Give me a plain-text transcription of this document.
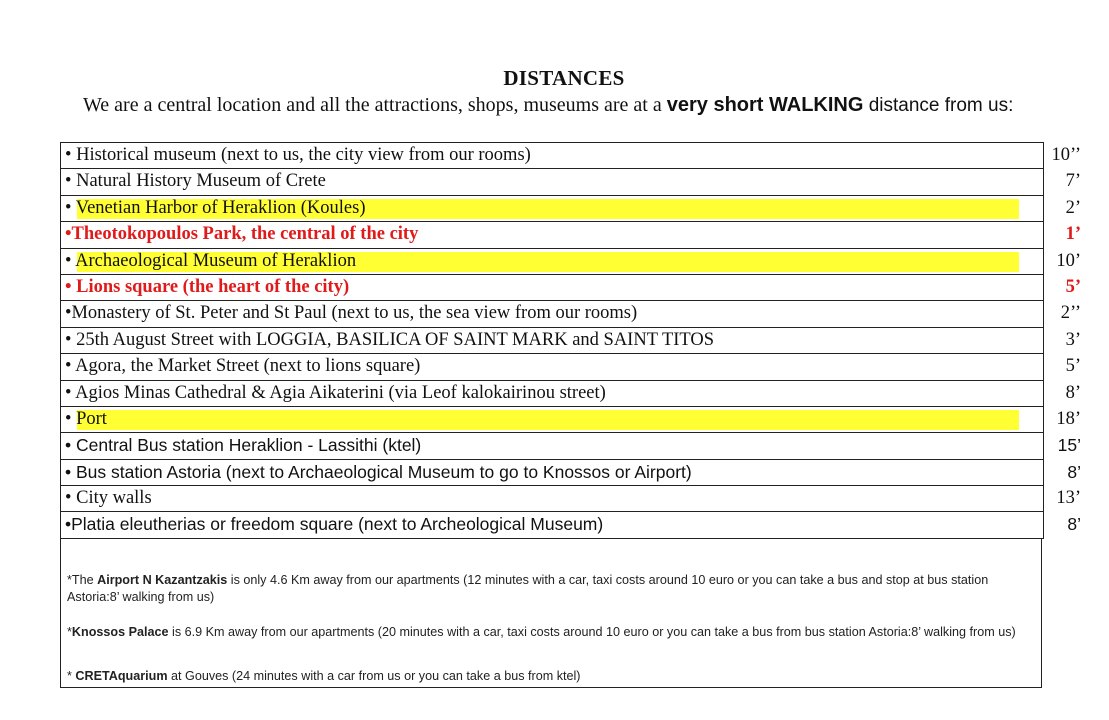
DISTANCES
We are a central location and all the attractions, shops, museums are at a very short WALKING distance from us:
• Historical museum (next to us, the city view from our rooms)	10’’
• Natural History Museum of Crete	7’
• Venetian Harbor of Heraklion (Koules)	2’
•Theotokopoulos Park, the central of the city	1’
• Archaeological Museum of Heraklion	10’
• Lions square (the heart of the city)	5’
•Monastery of St. Peter and St Paul (next to us, the sea view from our rooms)	2’’
• 25th August Street with LOGGIA, BASILICA OF SAINT MARK and SAINT TITOS	3’
• Agora, the Market Street (next to lions square)	5’
• Agios Minas Cathedral & Agia Aikaterini (via Leof kalokairinou street)	8’
• Port	18’
• Central Bus station Heraklion - Lassithi (ktel)	15’
• Bus station Astoria (next to Archaeological Museum to go to Knossos or Airport)	8’
• City walls	13’
•Platia eleutherias or freedom square (next to Archeological Museum)	8’
*The Airport N Kazantzakis is only 4.6 Km away from our apartments (12 minutes with a car, taxi costs around 10 euro or you can take a bus and stop at bus station Astoria:8’ walking from us)
*Knossos Palace is 6.9 Km away from our apartments (20 minutes with a car, taxi costs around 10 euro or you can take a bus from bus station Astoria:8’ walking from us)
* CRETAquarium at Gouves (24 minutes with a car from us or you can take a bus from ktel)
